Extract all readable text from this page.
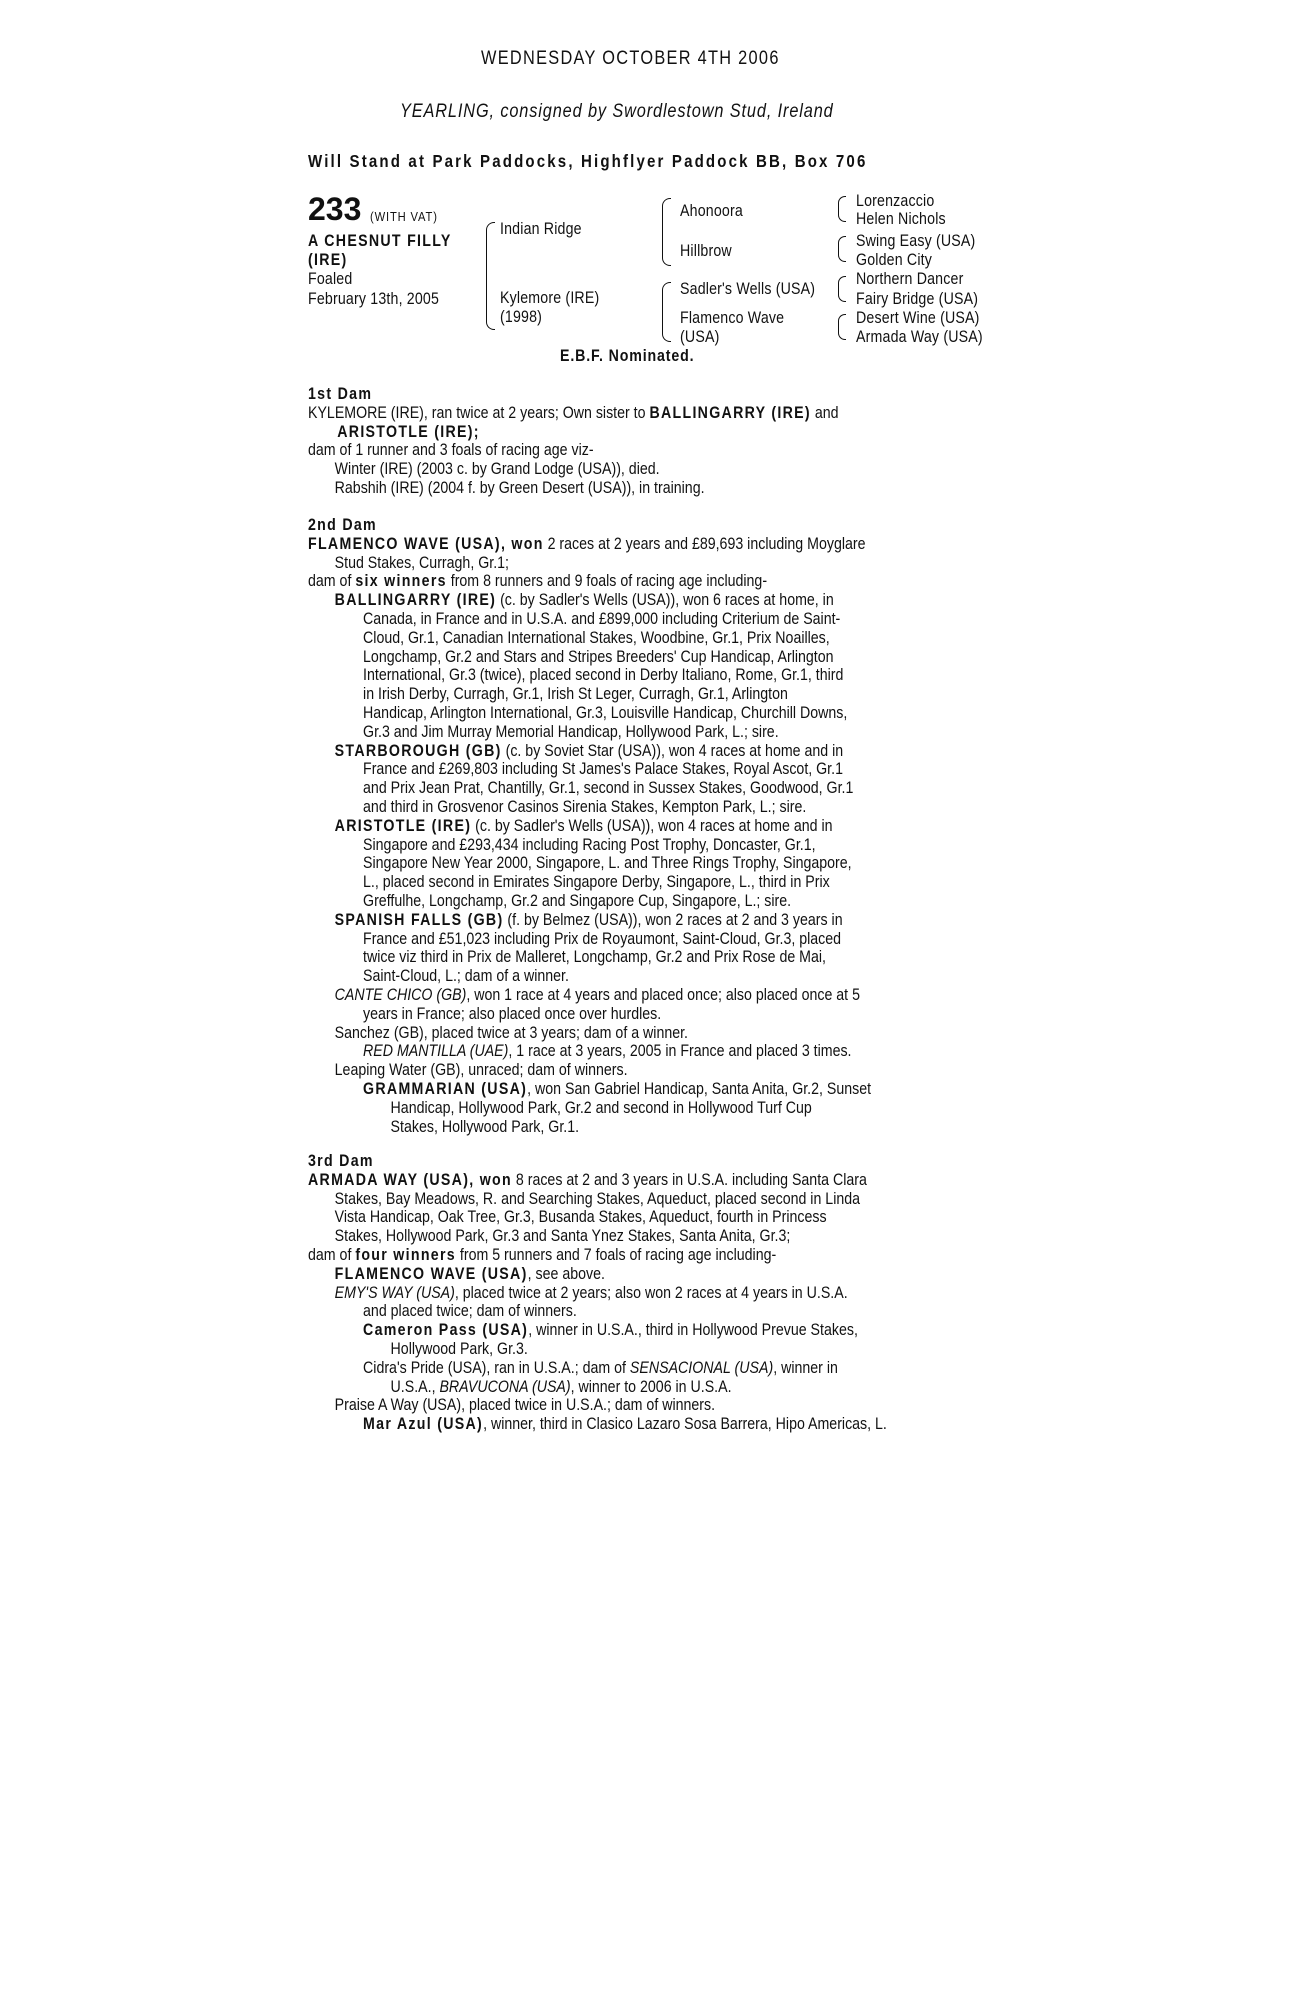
WEDNESDAY OCTOBER 4TH 2006
YEARLING, consigned by Swordlestown Stud, Ireland
Will Stand at Park Paddocks, Highflyer Paddock BB, Box 706
233 (WITH VAT)
A CHESNUT FILLY
(IRE)
Foaled
February 13th, 2005
Indian Ridge
Kylemore (IRE)
(1998)
Ahonoora
Hillbrow
Sadler's Wells (USA)
Flamenco Wave
(USA)
Lorenzaccio
Helen Nichols
Swing Easy (USA)
Golden City
Northern Dancer
Fairy Bridge (USA)
Desert Wine (USA)
Armada Way (USA)
E.B.F. Nominated.
1st Dam
KYLEMORE (IRE), ran twice at 2 years; Own sister to BALLINGARRY (IRE) and
ARISTOTLE (IRE);
dam of 1 runner and 3 foals of racing age viz-
Winter (IRE) (2003 c. by Grand Lodge (USA)), died.
Rabshih (IRE) (2004 f. by Green Desert (USA)), in training.
2nd Dam
FLAMENCO WAVE (USA), won 2 races at 2 years and £89,693 including Moyglare
Stud Stakes, Curragh, Gr.1;
dam of six winners from 8 runners and 9 foals of racing age including-
BALLINGARRY (IRE) (c. by Sadler's Wells (USA)), won 6 races at home, in
Canada, in France and in U.S.A. and £899,000 including Criterium de Saint-
Cloud, Gr.1, Canadian International Stakes, Woodbine, Gr.1, Prix Noailles,
Longchamp, Gr.2 and Stars and Stripes Breeders' Cup Handicap, Arlington
International, Gr.3 (twice), placed second in Derby Italiano, Rome, Gr.1, third
in Irish Derby, Curragh, Gr.1, Irish St Leger, Curragh, Gr.1, Arlington
Handicap, Arlington International, Gr.3, Louisville Handicap, Churchill Downs,
Gr.3 and Jim Murray Memorial Handicap, Hollywood Park, L.; sire.
STARBOROUGH (GB) (c. by Soviet Star (USA)), won 4 races at home and in
France and £269,803 including St James's Palace Stakes, Royal Ascot, Gr.1
and Prix Jean Prat, Chantilly, Gr.1, second in Sussex Stakes, Goodwood, Gr.1
and third in Grosvenor Casinos Sirenia Stakes, Kempton Park, L.; sire.
ARISTOTLE (IRE) (c. by Sadler's Wells (USA)), won 4 races at home and in
Singapore and £293,434 including Racing Post Trophy, Doncaster, Gr.1,
Singapore New Year 2000, Singapore, L. and Three Rings Trophy, Singapore,
L., placed second in Emirates Singapore Derby, Singapore, L., third in Prix
Greffulhe, Longchamp, Gr.2 and Singapore Cup, Singapore, L.; sire.
SPANISH FALLS (GB) (f. by Belmez (USA)), won 2 races at 2 and 3 years in
France and £51,023 including Prix de Royaumont, Saint-Cloud, Gr.3, placed
twice viz third in Prix de Malleret, Longchamp, Gr.2 and Prix Rose de Mai,
Saint-Cloud, L.; dam of a winner.
CANTE CHICO (GB), won 1 race at 4 years and placed once; also placed once at 5
years in France; also placed once over hurdles.
Sanchez (GB), placed twice at 3 years; dam of a winner.
RED MANTILLA (UAE), 1 race at 3 years, 2005 in France and placed 3 times.
Leaping Water (GB), unraced; dam of winners.
GRAMMARIAN (USA), won San Gabriel Handicap, Santa Anita, Gr.2, Sunset
Handicap, Hollywood Park, Gr.2 and second in Hollywood Turf Cup
Stakes, Hollywood Park, Gr.1.
3rd Dam
ARMADA WAY (USA), won 8 races at 2 and 3 years in U.S.A. including Santa Clara
Stakes, Bay Meadows, R. and Searching Stakes, Aqueduct, placed second in Linda
Vista Handicap, Oak Tree, Gr.3, Busanda Stakes, Aqueduct, fourth in Princess
Stakes, Hollywood Park, Gr.3 and Santa Ynez Stakes, Santa Anita, Gr.3;
dam of four winners from 5 runners and 7 foals of racing age including-
FLAMENCO WAVE (USA), see above.
EMY'S WAY (USA), placed twice at 2 years; also won 2 races at 4 years in U.S.A.
and placed twice; dam of winners.
Cameron Pass (USA), winner in U.S.A., third in Hollywood Prevue Stakes,
Hollywood Park, Gr.3.
Cidra's Pride (USA), ran in U.S.A.; dam of SENSACIONAL (USA), winner in
U.S.A., BRAVUCONA (USA), winner to 2006 in U.S.A.
Praise A Way (USA), placed twice in U.S.A.; dam of winners.
Mar Azul (USA), winner, third in Clasico Lazaro Sosa Barrera, Hipo Americas, L.
